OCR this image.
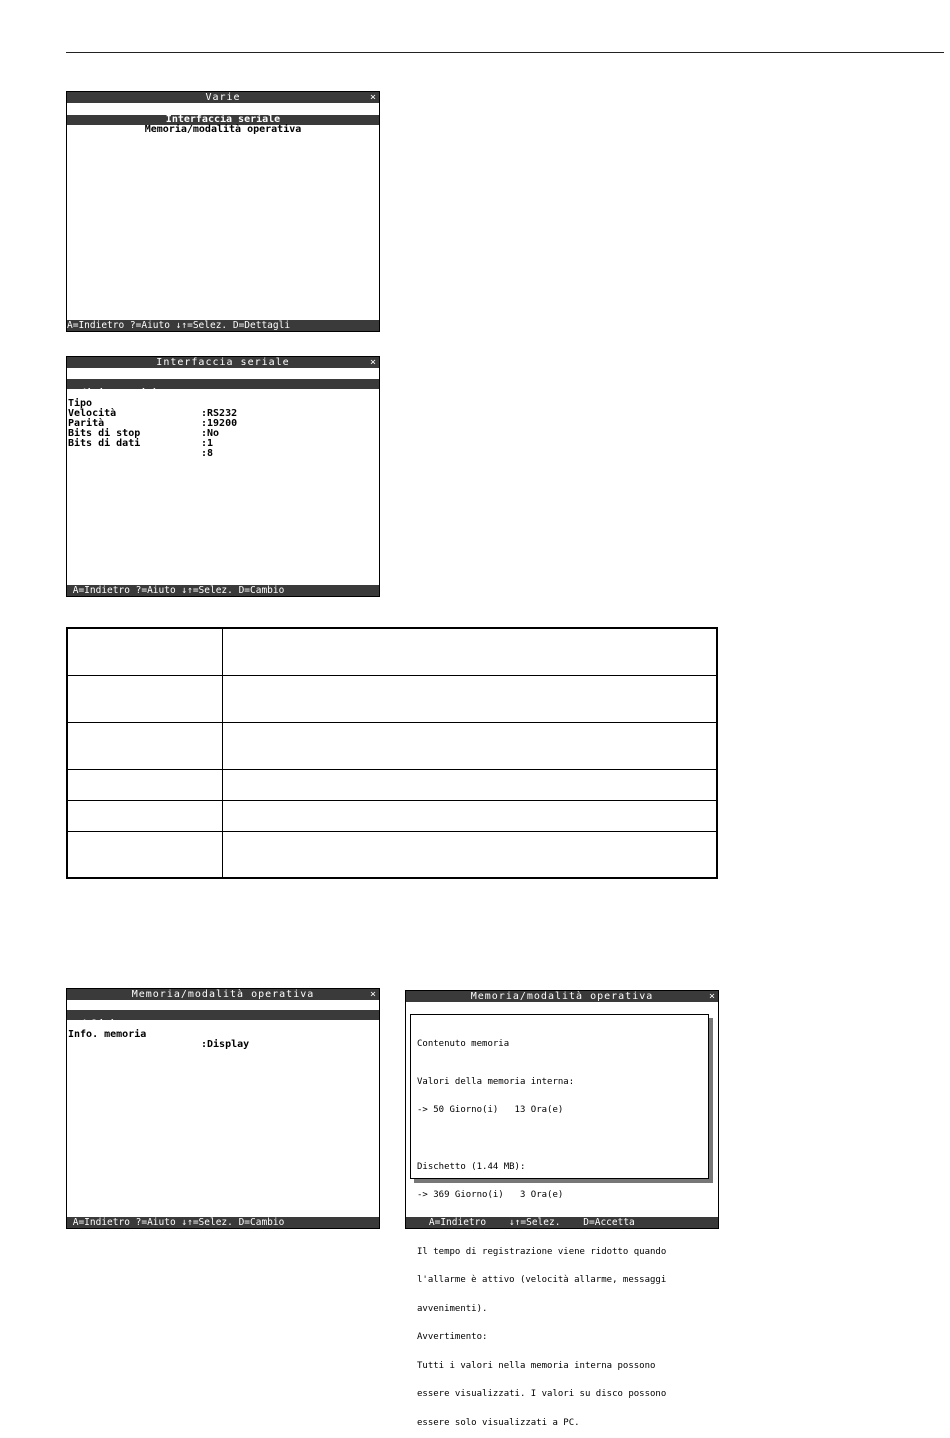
Varie	×
Interfaccia seriale
Memoria/modalità operativa
A=Indietro ?=Aiuto ↓↑=Selez. D=Dettagli
Interfaccia seriale	×

Indirizzo unità

:01

Tipo

:RS232

Velocità

:19200

Parità

:No

Bits di stop

:1

Bits di dati

:8

A=Indietro ?=Aiuto ↓↑=Selez. D=Cambio

Memoria/modalità operativa	×

Modalità operat.

:Operatività normale

Info. memoria

:Display

A=Indietro ?=Aiuto ↓↑=Selez. D=Cambio
Memoria/modalità operativa	×
A=Indietro    ↓↑=Selez.    D=Accetta

Contenuto memoria

Valori della memoria interna:

-> 50 Giorno(i)   13 Ora(e)

Dischetto (1.44 MB):

-> 369 Giorno(i)   3 Ora(e)

Il tempo di registrazione viene ridotto quando

l'allarme è attivo (velocità allarme, messaggi

avvenimenti).

Avvertimento:

Tutti i valori nella memoria interna possono

essere visualizzati. I valori su disco possono

essere solo visualizzati a PC.
